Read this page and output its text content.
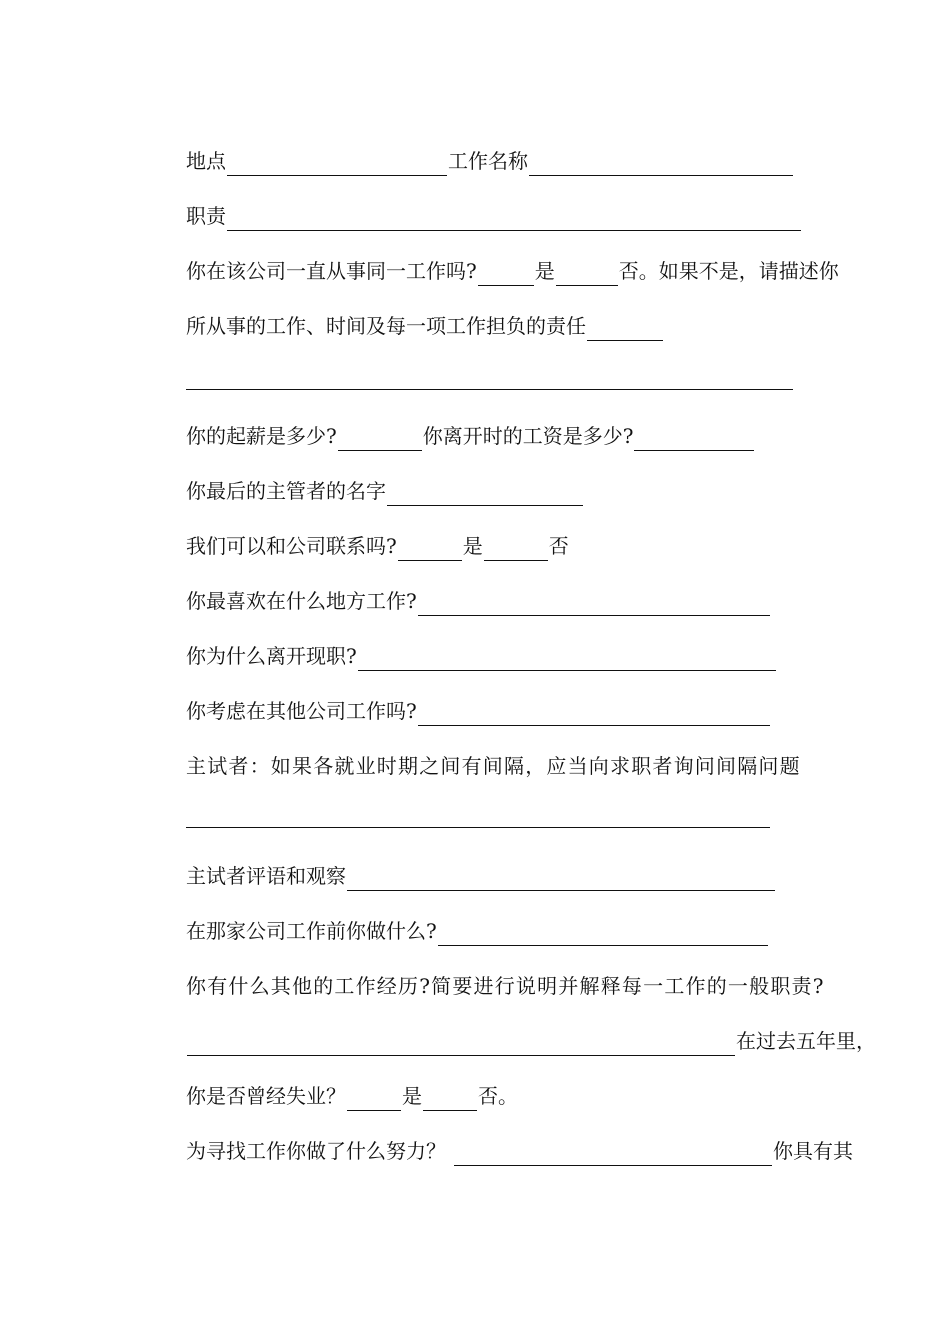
地点	工作名称
职责
你在该公司一直从事同一工作吗?	是	否。如果不是，请描述你
所从事的工作、时间及每一项工作担负的责任
你的起薪是多少?	你离开时的工资是多少?
你最后的主管者的名字
我们可以和公司联系吗?	是	否
你最喜欢在什么地方工作?
你为什么离开现职?
你考虑在其他公司工作吗?
主试者：如果各就业时期之间有间隔，应当向求职者询问间隔问题
主试者评语和观察
在那家公司工作前你做什么?
你有什么其他的工作经历?简要进行说明并解释每一工作的一般职责?
在过去五年里，
你是否曾经失业？	是	否。
为寻找工作你做了什么努力？	你具有其
